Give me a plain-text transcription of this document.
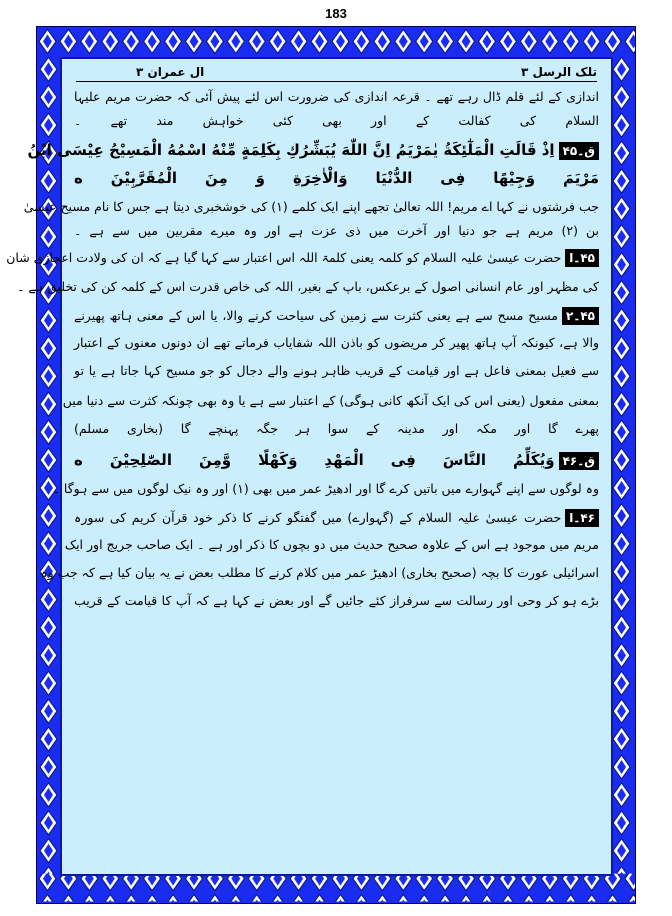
183
تلک الرسل ۳
ال عمران ۳
اندازی کے لئے قلم ڈال رہے تھے ۔ قرعہ اندازی کی ضرورت اس لئے پیش آئی کہ حضرت مریم علیہا
السلام کی کفالت کے اور بھی کئی خواہش مند تھے ۔
ق۔۴۵اِذْ قَالَتِ الْمَلٰٓئِكَةُ يٰمَرْيَمُ اِنَّ اللّٰهَ يُبَشِّرُكِ بِكَلِمَةٍ مِّنْهُ اسْمُهُ الْمَسِيْحُ عِيْسَى ابْنُ
مَرْيَمَ وَجِيْهًا فِى الدُّنْيَا وَالْاٰخِرَةِ وَ مِنَ الْمُقَرَّبِيْنَ ه
جب فرشتوں نے کہا اے مریم! اللہ تعالیٰ تجھے اپنے ایک کلمے (۱) کی خوشخبری دیتا ہے جس کا نام مسیح عیسیٰ
بن (۲) مریم ہے جو دنیا اور آخرت میں ذی عزت ہے اور وہ میرے مقربین میں سے ہے ۔
۴۵۔احضرت عیسیٰ علیہ السلام کو کلمہ یعنی کلمۃ اللہ اس اعتبار سے کہا گیا ہے کہ ان کی ولادت اعجازی شان
کی مظہر اور عام انسانی اصول کے برعکس، باپ کے بغیر، اللہ کی خاص قدرت اس کے کلمہ کن کی تخلیق ہے ۔
۴۵۔۲مسیح مسح سے ہے یعنی کثرت سے زمین کی سیاحت کرنے والا، یا اس کے معنی ہاتھ پھیرنے
والا ہے، کیونکہ آپ ہاتھ پھیر کر مریضوں کو باذن اللہ شفایاب فرماتے تھے ان دونوں معنوں کے اعتبار
سے فعیل بمعنی فاعل ہے اور قیامت کے قریب ظاہر ہونے والے دجال کو جو مسیح کہا جاتا ہے یا تو
بمعنی مفعول (یعنی اس کی ایک آنکھ کانی ہوگی) کے اعتبار سے ہے یا وہ بھی چونکہ کثرت سے دنیا میں
پھرے گا اور مکہ اور مدینہ کے سوا ہر جگہ پہنچے گا (بخاری مسلم)
ق۔۴۶وَيُكَلِّمُ النَّاسَ فِى الْمَهْدِ وَكَهْلًا وَّمِنَ الصّٰلِحِيْنَ ه
وہ لوگوں سے اپنے گہوارے میں باتیں کرے گا اور ادھیڑ عمر میں بھی (۱) اور وہ نیک لوگوں میں سے ہوگا ۔
۴۶۔احضرت عیسیٰ علیہ السلام کے (گہوارے) میں گفتگو کرنے کا ذکر خود قرآن کریم کی سورہ
مریم میں موجود ہے اس کے علاوہ صحیح حدیث میں دو بچوں کا ذکر اور ہے ۔ ایک صاحب جریج اور ایک
اسرائیلی عورت کا بچہ (صحیح بخاری) ادھیڑ عمر میں کلام کرنے کا مطلب بعض نے یہ بیان کیا ہے کہ جب وہ
بڑے ہو کر وحی اور رسالت سے سرفراز کئے جائیں گے اور بعض نے کہا ہے کہ آپ کا قیامت کے قریب
